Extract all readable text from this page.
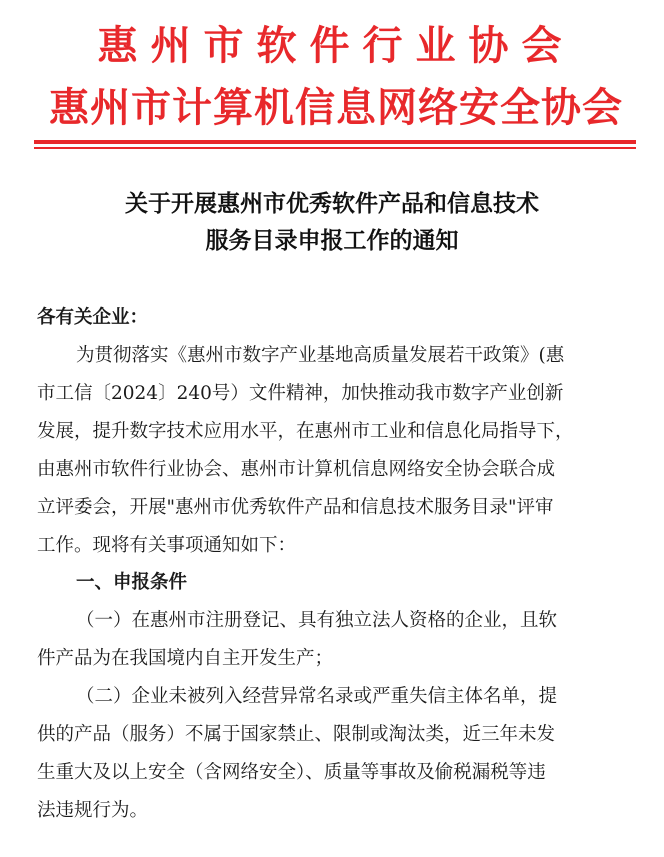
惠州市软件行业协会
惠州市计算机信息网络安全协会
关于开展惠州市优秀软件产品和信息技术
服务目录申报工作的通知
各有关企业：
为贯彻落实《惠州市数字产业基地高质量发展若干政策》(惠
市工信〔2024〕240号）文件精神，加快推动我市数字产业创新
发展，提升数字技术应用水平，在惠州市工业和信息化局指导下，
由惠州市软件行业协会、惠州市计算机信息网络安全协会联合成
立评委会，开展"惠州市优秀软件产品和信息技术服务目录"评审
工作。现将有关事项通知如下：
一、申报条件
（一）在惠州市注册登记、具有独立法人资格的企业，且软
件产品为在我国境内自主开发生产；
（二）企业未被列入经营异常名录或严重失信主体名单，提
供的产品（服务）不属于国家禁止、限制或淘汰类，近三年未发
生重大及以上安全（含网络安全）、质量等事故及偷税漏税等违
法违规行为。
